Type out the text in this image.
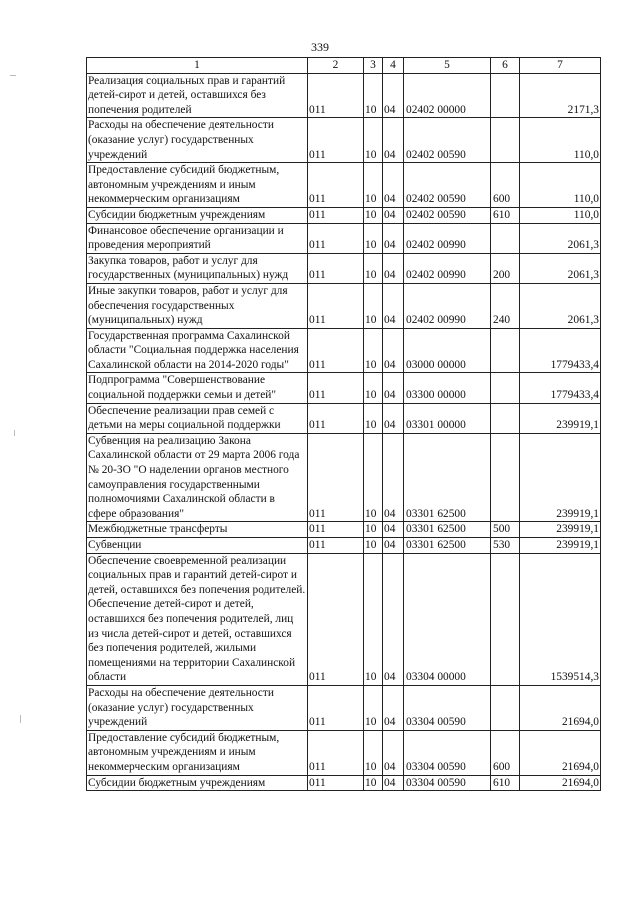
339
1	2	3	4	5	6	7
Реализация социальных прав и гарантий детей-сирот и детей, оставшихся без попечения родителей	011	10	04	02402 00000		2171,3
Расходы на обеспечение деятельности (оказание услуг) государственных учреждений	011	10	04	02402 00590		110,0
Предоставление субсидий бюджетным, автономным учреждениям и иным некоммерческим организациям	011	10	04	02402 00590	600	110,0
Субсидии бюджетным учреждениям	011	10	04	02402 00590	610	110,0
Финансовое обеспечение организации и проведения мероприятий	011	10	04	02402 00990		2061,3
Закупка товаров, работ и услуг для государственных (муниципальных) нужд	011	10	04	02402 00990	200	2061,3
Иные закупки товаров, работ и услуг для обеспечения государственных (муниципальных) нужд	011	10	04	02402 00990	240	2061,3
Государственная программа Сахалинской области "Социальная поддержка населения Сахалинской области на 2014-2020 годы"	011	10	04	03000 00000		1779433,4
Подпрограмма "Совершенствование социальной поддержки семьи и детей"	011	10	04	03300 00000		1779433,4
Обеспечение реализации прав семей с детьми на меры социальной поддержки	011	10	04	03301 00000		239919,1
Субвенция на реализацию Закона Сахалинской области от 29 марта 2006 года № 20-ЗО "О наделении органов местного самоуправления государственными полномочиями Сахалинской области в сфере образования"	011	10	04	03301 62500		239919,1
Межбюджетные трансферты	011	10	04	03301 62500	500	239919,1
Субвенции	011	10	04	03301 62500	530	239919,1
Обеспечение своевременной реализации социальных прав и гарантий детей-сирот и детей, оставшихся без попечения родителей. Обеспечение детей-сирот и детей, оставшихся без попечения родителей, лиц из числа детей-сирот и детей, оставшихся без попечения родителей, жилыми помещениями на территории Сахалинской области	011	10	04	03304 00000		1539514,3
Расходы на обеспечение деятельности (оказание услуг) государственных учреждений	011	10	04	03304 00590		21694,0
Предоставление субсидий бюджетным, автономным учреждениям и иным некоммерческим организациям	011	10	04	03304 00590	600	21694,0
Субсидии бюджетным учреждениям	011	10	04	03304 00590	610	21694,0
